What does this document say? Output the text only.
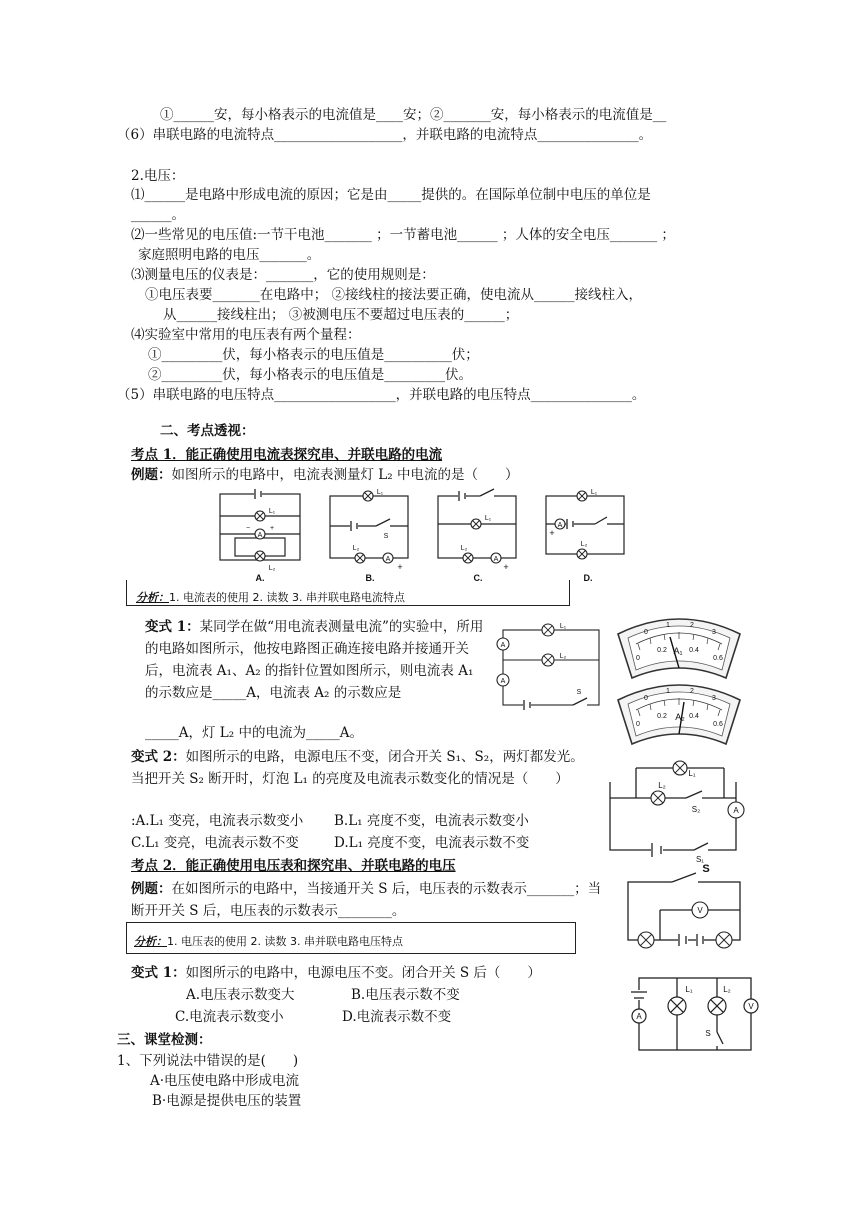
①______安，每小格表示的电流值是____安；②_______安，每小格表示的电流值是__
（6）串联电路的电流特点___________________，并联电路的电流特点_______________。
2.电压：
⑴______是电路中形成电流的原因；它是由_____提供的。在国际单位制中电压的单位是
______。
⑵一些常见的电压值:一节干电池_______ ；一节蓄电池______ ；人体的安全电压_______ ；
家庭照明电路的电压_______。
⑶测量电压的仪表是：_______，它的使用规则是：
①电压表要_______在电路中； ②接线柱的接法要正确，使电流从______接线柱入，
从______接线柱出； ③被测电压不要超过电压表的______；
⑷实验室中常用的电压表有两个量程：
①_________伏，每小格表示的电压值是__________伏；
②_________伏，每小格表示的电压值是_________伏。
（5）串联电路的电压特点__________________，并联电路的电压特点_______________。
二、考点透视：
考点 1．能正确使用电流表探究串、并联电路的电流
例题：如图所示的电路中，电流表测量灯 L₂ 中电流的是（　　）
A
A	A
A
L₁
L₂
L₁
L₂
L₁
L₂
L₁
L₂
S
−	+
+	+
+
A.	B.	C.	D.
分析：1. 电流表的使用 2. 读数 3. 串并联电路电流特点
变式 1：某同学在做“用电流表测量电流”的实验中，所用的电路如图所示，他按电路图正确连接电路并接通开关后，电流表 A₁、A₂ 的指针位置如图所示，则电流表 A₁ 的示数应是_____A，电流表 A₂ 的示数应是
_____A，灯 L₂ 中的电流为_____A。
A
A
L₁
L₂
S
0
1	2
3
0
0.2	0.4
0.6
A₁
0
1	2
3
0
0.2	0.4
0.6
A₂
变式 2：如图所示的电路，电源电压不变，闭合开关 S₁、S₂，两灯都发光。当把开关 S₂ 断开时，灯泡 L₁ 的亮度及电流表示数变化的情况是（　　）
:A.L₁ 变亮，电流表示数变小 B.L₁ 亮度不变，电流表示数变小
C.L₁ 变亮，电流表示数不变	D.L₁ 亮度不变，电流表示数不变
A
L₁
L₂
S₂
S₁
考点 2．能正确使用电压表和探究串、并联电路的电压
例题：在如图所示的电路中，当接通开关 S 后，电压表的示数表示_______；当断开开关 S 后，电压表的示数表示________。	V
S
分析：1. 电压表的使用 2. 读数 3. 串并联电路电压特点
变式 1：如图所示的电路中，电源电压不变。闭合开关 S 后（　　）
A.电压表示数变大	B.电压表示数不变
C.电流表示数变小	D.电流表示数不变	A
V
L₁	L₂
S
三、课堂检测：
1、下列说法中错误的是(　　)
A·电压使电路中形成电流
B·电源是提供电压的装置
